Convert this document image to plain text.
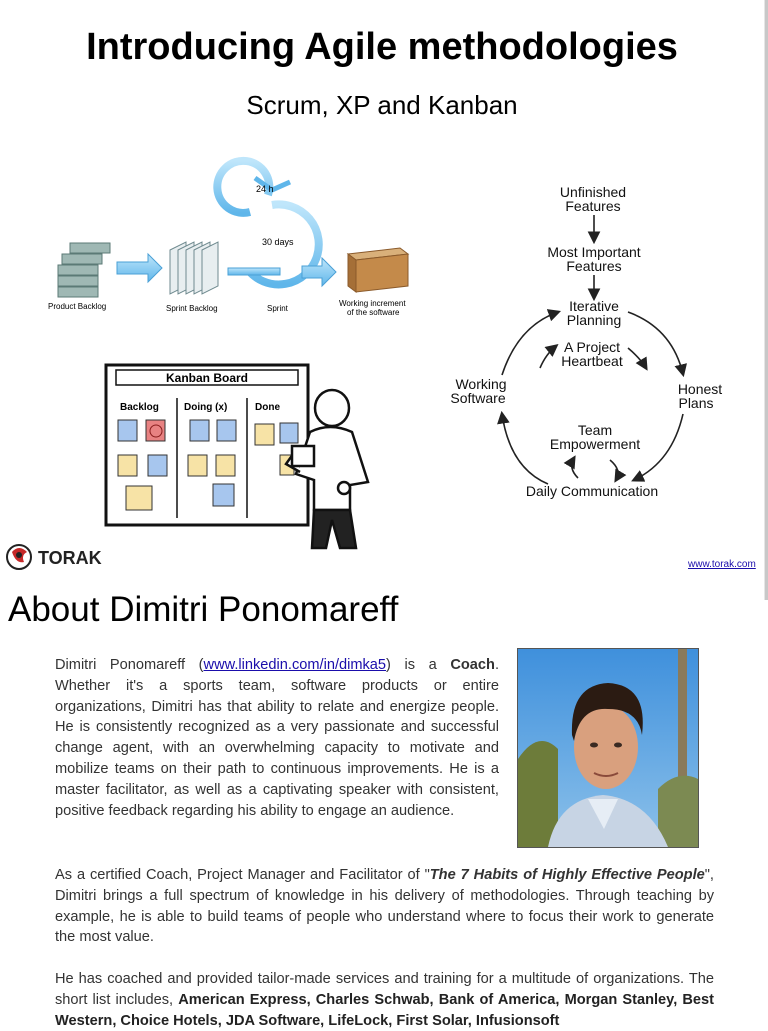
Introducing Agile methodologies
Scrum, XP and Kanban
24 h
30 days
Product Backlog	Sprint Backlog	Sprint
Working increment
of the software
Kanban Board
Backlog	Doing (x)	Done
Unfinished
Features
Most Important
Features
Iterative
Planning
A Project
Heartbeat
Working
Software
Honest
Plans
Team
Empowerment
Daily Communication
TORAK	www.torak.com
About Dimitri Ponomareff
Dimitri Ponomareff (www.linkedin.com/in/dimka5) is a Coach. Whether it's a sports team, software products or entire organizations, Dimitri has that ability to relate and energize people. He is consistently recognized as a very passionate and successful change agent, with an overwhelming capacity to motivate and mobilize teams on their path to continuous improvements. He is a master facilitator, as well as a captivating speaker with consistent, positive feedback regarding his ability to engage an audience.
As a certified Coach, Project Manager and Facilitator of "The 7 Habits of Highly Effective People", Dimitri brings a full spectrum of knowledge in his delivery of methodologies. Through teaching by example, he is able to build teams of people who understand where to focus their work to generate the most value.
He has coached and provided tailor-made services and training for a multitude of organizations. The short list includes, American Express, Charles Schwab, Bank of America, Morgan Stanley, Best Western, Choice Hotels, JDA Software, LifeLock, First Solar, Infusionsoft
